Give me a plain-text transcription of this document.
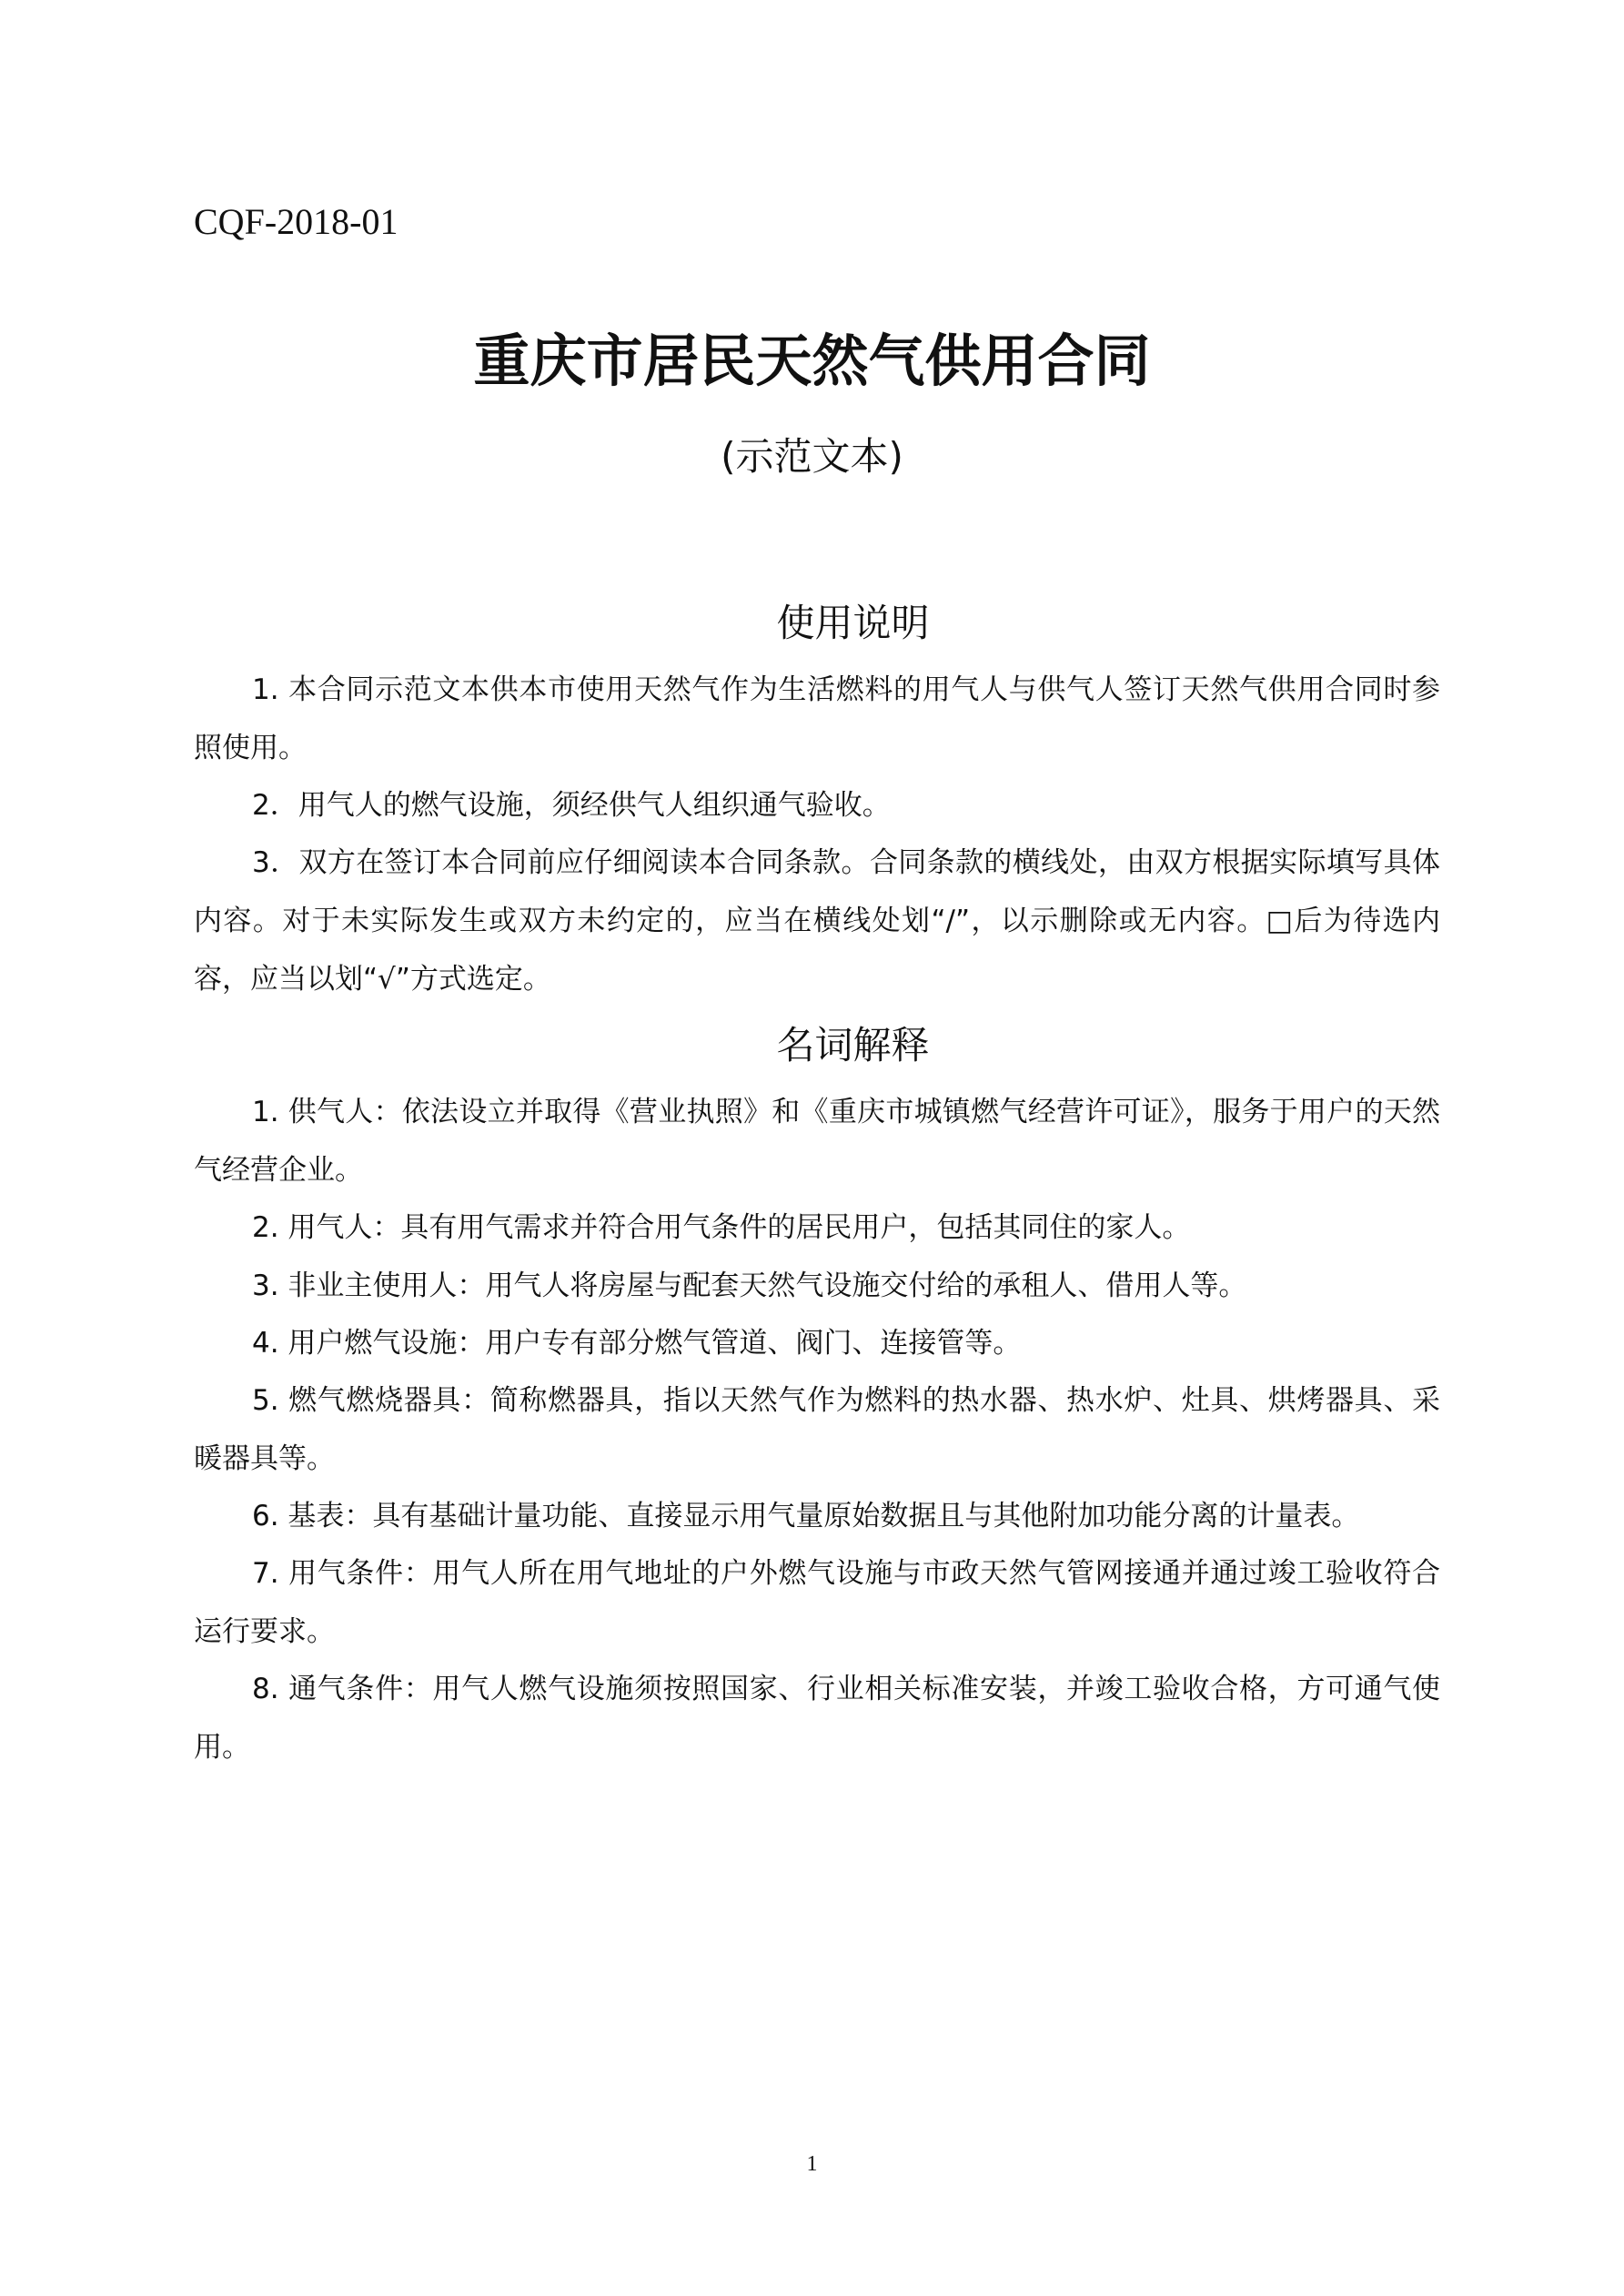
CQF-2018-01
重庆市居民天然气供用合同
(示范文本)
使用说明

1. 本合同示范文本供本市使用天然气作为生活燃料的用气人与供气人签订天然气供用合同时参照使用。

2．用气人的燃气设施，须经供气人组织通气验收。

3．双方在签订本合同前应仔细阅读本合同条款。合同条款的横线处，由双方根据实际填写具体内容。对于未实际发生或双方未约定的，应当在横线处划“/”，以示删除或无内容。□后为待选内容，应当以划“√”方式选定。

名词解释

1. 供气人：依法设立并取得《营业执照》和《重庆市城镇燃气经营许可证》，服务于用户的天然气经营企业。

2. 用气人：具有用气需求并符合用气条件的居民用户，包括其同住的家人。

3. 非业主使用人：用气人将房屋与配套天然气设施交付给的承租人、借用人等。

4. 用户燃气设施：用户专有部分燃气管道、阀门、连接管等。

5. 燃气燃烧器具：简称燃器具，指以天然气作为燃料的热水器、热水炉、灶具、烘烤器具、采暖器具等。

6. 基表：具有基础计量功能、直接显示用气量原始数据且与其他附加功能分离的计量表。

7. 用气条件：用气人所在用气地址的户外燃气设施与市政天然气管网接通并通过竣工验收符合运行要求。

8. 通气条件：用气人燃气设施须按照国家、行业相关标准安装，并竣工验收合格，方可通气使用。

1
